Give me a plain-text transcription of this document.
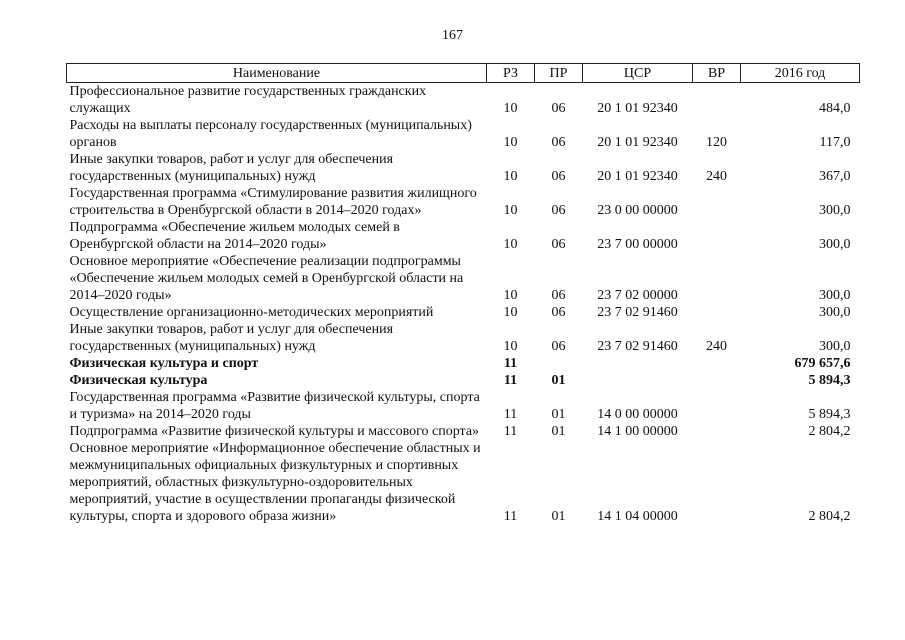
167
Наименование	РЗ	ПР	ЦСР	ВР	2016 год
Профессиональное развитие государственных гражданских служащих	10	06	20 1 01 92340		484,0
Расходы на выплаты персоналу государственных (муниципальных) органов	10	06	20 1 01 92340	120	117,0
Иные закупки товаров, работ и услуг для обеспечения государственных (муниципальных) нужд	10	06	20 1 01 92340	240	367,0
Государственная программа «Стимулирование развития жилищного строительства в Оренбургской области в 2014–2020 годах»	10	06	23 0 00 00000		300,0
Подпрограмма «Обеспечение жильем молодых семей в Оренбургской области на 2014–2020 годы»	10	06	23 7 00 00000		300,0
Основное мероприятие «Обеспечение реализации подпрограммы «Обеспечение жильем молодых семей в Оренбургской области на 2014–2020 годы»	10	06	23 7 02 00000		300,0
Осуществление организационно-методических мероприятий	10	06	23 7 02 91460		300,0
Иные закупки товаров, работ и услуг для обеспечения государственных (муниципальных) нужд	10	06	23 7 02 91460	240	300,0
Физическая культура и спорт	11				679 657,6
Физическая культура	11	01			5 894,3
Государственная программа «Развитие физической культуры, спорта и туризма» на 2014–2020 годы	11	01	14 0 00 00000		5 894,3
Подпрограмма «Развитие физической культуры и массового спорта»	11	01	14 1 00 00000		2 804,2
Основное мероприятие «Информационное обеспечение областных и межмуниципальных официальных физкультурных и спортивных мероприятий, областных физкультурно-оздоровительных мероприятий, участие в осуществлении пропаганды физической культуры, спорта и здорового образа жизни»	11	01	14 1 04 00000		2 804,2
